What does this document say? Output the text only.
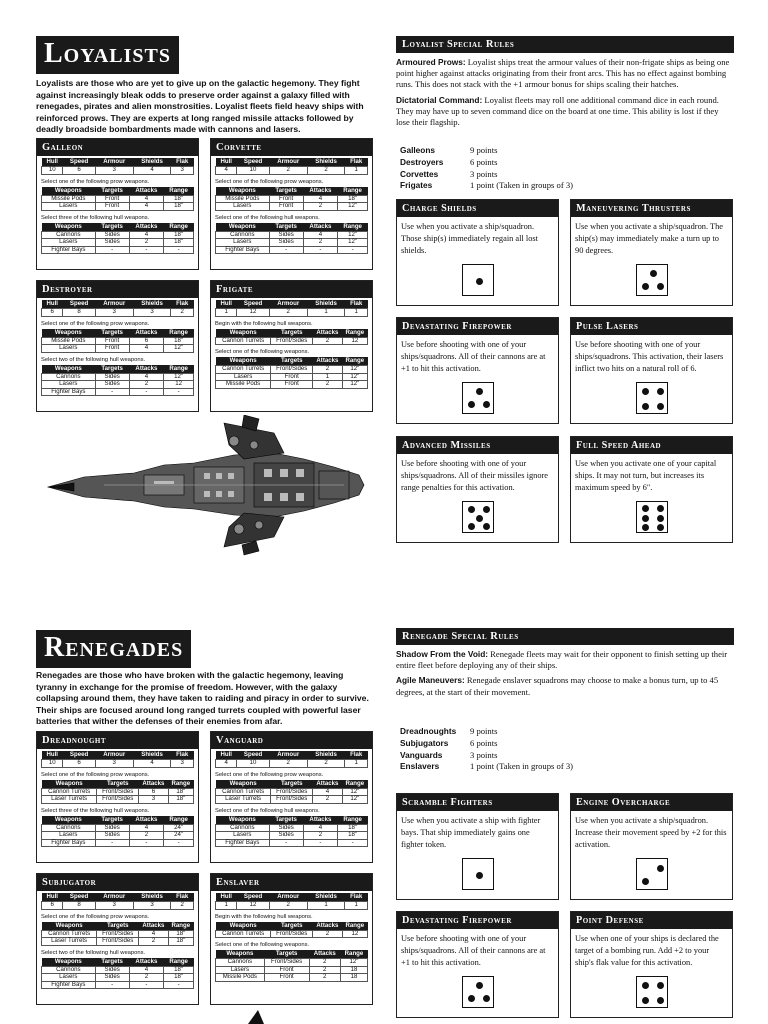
Loyalists
Loyalists are those who are yet to give up on the galactic hegemony. They fight against increasingly bleak odds to preserve order against a galaxy filled with renegades, pirates and alien monstrosities. Loyalist fleets field heavy ships with reinforced prows. They are experts at long ranged missile attacks followed by deadly broadside bombardments made with cannons and lasers.
Galleon
Hull	Speed	Armour	Shields	Flak
10	6	3	4	3
Select one of the following prow weapons.
Weapons	Targets	Attacks	Range
Missile Pods	Front	4	18"
Lasers	Front	4	18"
Select three of the following hull weapons.
Weapons	Targets	Attacks	Range
Cannons	Sides	4	18"
Lasers	Sides	2	18"
Fighter Bays	-	-	-
Corvette
Hull	Speed	Armour	Shields	Flak
4	10	2	2	1
Select one of the following prow weapons.
Weapons	Targets	Attacks	Range
Missile Pods	Front	4	18"
Lasers	Front	2	12"
Select one of the following hull weapons.
Weapons	Targets	Attacks	Range
Cannons	Sides	4	12"
Lasers	Sides	2	12"
Fighter Bays	-	-	-
Destroyer
Hull	Speed	Armour	Shields	Flak
6	8	3	3	2
Select one of the following prow weapons.
Weapons	Targets	Attacks	Range
Missile Pods	Front	6	18"
Lasers	Front	4	12"
Select two of the following hull weapons.
Weapons	Targets	Attacks	Range
Cannons	Sides	4	12"
Lasers	Sides	2	12
Fighter Bays	-	-	-
Frigate
Hull	Speed	Armour	Shields	Flak
1	12	2	1	1
Begin with the following hull weapons.
Weapons	Targets	Attacks	Range
Cannon Turrets	Front/Sides	2	12
Select one of the following weapons.
Weapons	Targets	Attacks	Range
Cannon Turrets	Front/Sides	2	12"
Lasers	Front	1	12"
Missile Pods	Front	2	12"
Loyalist Special Rules

Armoured Prows: Loyalist ships treat the armour values of their non-frigate ships as being one point higher against attacks originating from their front arcs. This has no effect against bombing runs. This does not stack with the +1 armour bonus for ships scaling their hatches.

Dictatorial Command: Loyalist fleets may roll one additional command dice in each round. They may have up to seven command dice on the board at one time. This ability is lost if they lose their flagship.

Galleons	9 points
Destroyers	6 points
Corvettes	3 points
Frigates	1 point (Taken in groups of 3)
Charge Shields
Use when you activate a ship/squadron. Those ship(s) immediately regain all lost shields.
Maneuvering Thrusters
Use when you activate a ship/squadron. The ship(s) may immediately make a turn up to 90 degrees.
Devastating Firepower
Use before shooting with one of your ships/squadrons. All of their cannons are at +1 to hit this activation.
Pulse Lasers
Use before shooting with one of your ships/squadrons. This activation, their lasers inflict two hits on a natural roll of 6.
Advanced Missiles
Use before shooting with one of your ships/squadrons. All of their missiles ignore range penalties for this activation.
Full Speed Ahead
Use when you activate one of your capital ships. It may not turn, but increases its maximum speed by 6".
Renegades
Renegades are those who have broken with the galactic hegemony, leaving tyranny in exchange for the promise of freedom. However, with the galaxy collapsing around them, they have taken to raiding and piracy in order to survive. Their ships are focused around long ranged turrets coupled with powerful laser batteries that wither the defenses of their enemies from afar.
Dreadnought
Hull	Speed	Armour	Shields	Flak
10	6	3	4	3
Select one of the following prow weapons.
Weapons	Targets	Attacks	Range
Cannon Turrets	Front/Sides	6	18"
Laser Turrets	Front/Sides	3	18"
Select three of the following hull weapons.
Weapons	Targets	Attacks	Range
Cannons	Sides	4	24"
Lasers	Sides	2	24"
Fighter Bays	-	-	-
Vanguard
Hull	Speed	Armour	Shields	Flak
4	10	2	2	1
Select one of the following prow weapons.
Weapons	Targets	Attacks	Range
Cannon Turrets	Front/Sides	4	12"
Laser Turrets	Front/Sides	2	12"
Select one of the following hull weapons.
Weapons	Targets	Attacks	Range
Cannons	Sides	4	18"
Lasers	Sides	2	18"
Fighter Bays	-	-	-
Subjugator
Hull	Speed	Armour	Shields	Flak
6	8	3	3	2
Select one of the following prow weapons.
Weapons	Targets	Attacks	Range
Cannon Turrets	Front/Sides	4	18"
Laser Turrets	Front/Sides	2	18"
Select two of the following hull weapons.
Weapons	Targets	Attacks	Range
Cannons	Sides	4	18"
Lasers	Sides	2	18"
Fighter Bays	-	-	-
Enslaver
Hull	Speed	Armour	Shields	Flak
1	12	2	1	1
Begin with the following hull weapons.
Weapons	Targets	Attacks	Range
Cannon Turrets	Front/Sides	2	12
Select one of the following weapons.
Weapons	Targets	Attacks	Range
Cannons	Front/Sides	2	12"
Lasers	Front	2	18
Missile Pods	Front	2	18
Renegade Special Rules

Shadow From the Void: Renegade fleets may wait for their opponent to finish setting up their entire fleet before deploying any of their ships.

Agile Maneuvers: Renegade enslaver squadrons may choose to make a bonus turn, up to 45 degrees, at the start of their movement.

Dreadnoughts	9 points
Subjugators	6 points
Vanguards	3 points
Enslavers	1 point (Taken in groups of 3)
Scramble Fighters
Use when you activate a ship with fighter bays. That ship immediately gains one fighter token.
Engine Overcharge
Use when you activate a ship/squadron. Increase their movement speed by +2 for this activation.
Devastating Firepower
Use before shooting with one of your ships/squadrons. All of their cannons are at +1 to hit this activation.
Point Defense
Use when one of your ships is declared the target of a bombing run. Add +2 to your ship's flak value for this activation.
